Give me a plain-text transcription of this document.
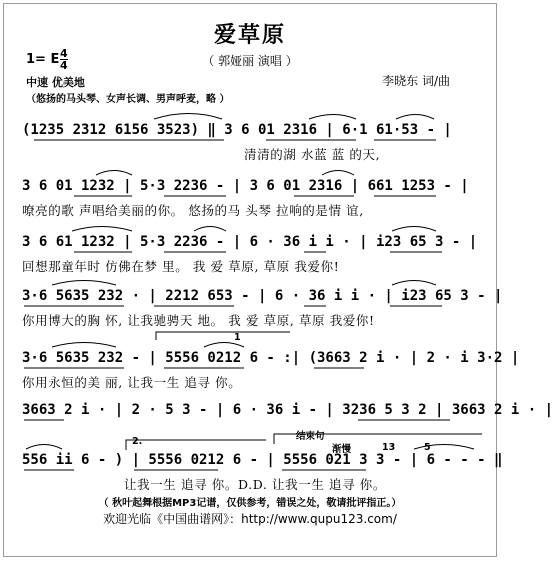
爱草原
（ 郭娅丽 演唱 ）
1= E $\frac{4}{4}$
中速 优美地
（悠扬的马头琴、女声长调、男声呼麦，略 ）
李晓东 词/曲
(1235 2312 6156 3523) ‖ 3 6 01 2316 | 6·1 61·53 - |
清清的湖 水蓝 蓝 的天,
3 6 01 1232 | 5·3 2236 - | 3 6 01 2316 | 661 1253 - |
嘹亮的歌 声唱给美丽的你。 悠扬的马 头琴 拉响的是情 谊,
3 6 61 1232 | 5·3 2236 - | 6 · 36 i i · | i23 65 3 - |
回想那童年时 仿佛在梦 里。 我 爱 草原, 草原 我爱你!
3·6 5635 232 · | 2212 653 - | 6 · 36 i i · | i23 65 3 - |
你用博大的胸 怀, 让我驰骋天 地。 我 爱 草原, 草原 我爱你!
1
3·6 5635 232 - | 5556 0212 6 - :| (3663 2 i · | 2 · i 3·2 |
你用永恒的美 丽, 让我一生 追寻 你。
3663 2 i · | 2 · 5 3 - | 6 · 36 i - | 3236 5 3 2 | 3663 2 i · |
2.	结束句
渐慢	13	5
556 ii 6 - ) | 5556 0212 6 - | 5556 021 3 3 - | 6 - - - ‖
让我一生 追寻 你。D.D. 让我一生 追寻 你。
（ 秋叶起舞根据MP3记谱，仅供参考，错误之处，敬请批评指正。）
欢迎光临《中国曲谱网》：http://www.qupu123.com/
